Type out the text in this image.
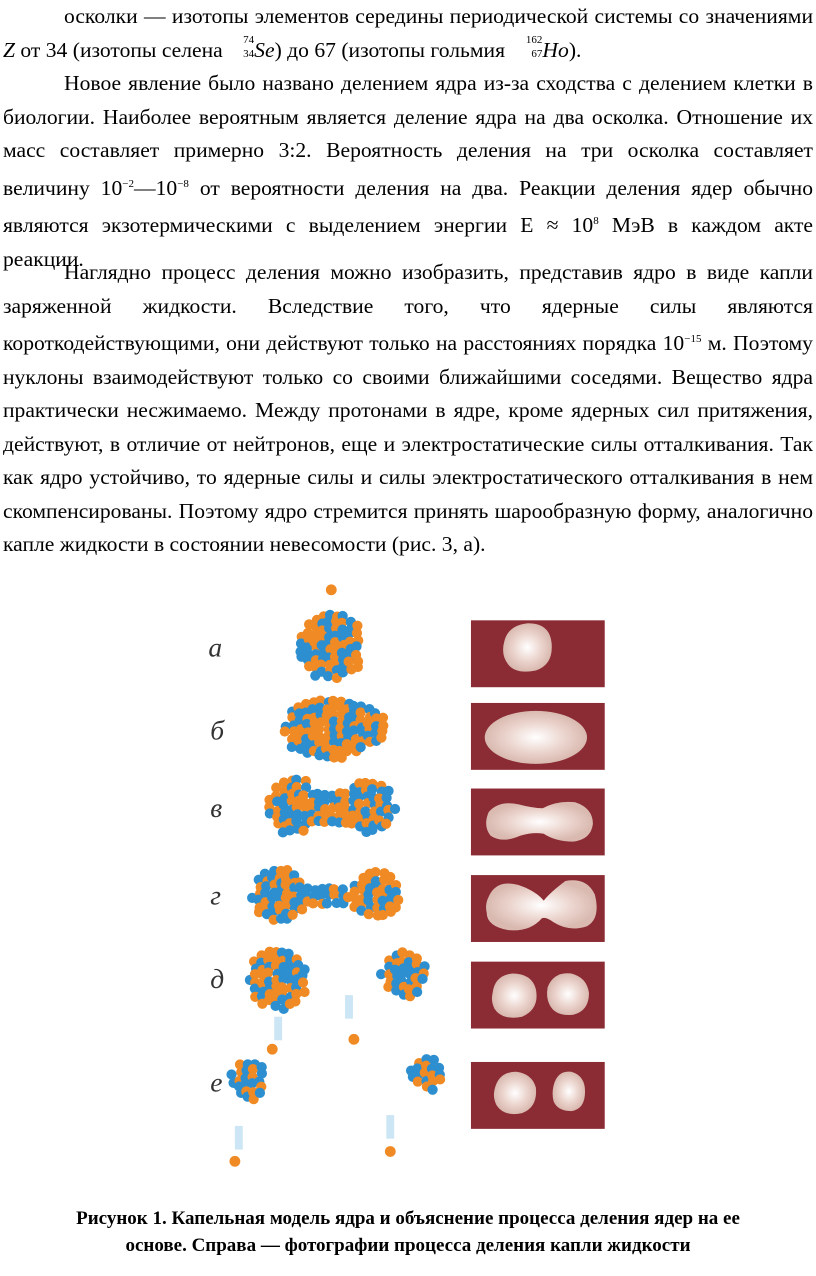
осколки — изотопы элементов середины периодической системы со значениями Z от 34 (изотопы селена 74
34 Se) до 67 (изотопы гольмия 162
67 Ho).

Новое явление было названо делением ядра из-за сходства с делением клетки в биологии. Наиболее вероятным является деление ядра на два осколка. Отношение их масс составляет примерно 3:2. Вероятность деления на три осколка составляет величину $10^{-2}—10^{-8}$ от вероятности деления на два. Реакции деления ядер обычно являются экзотермическими с выделением энергии $E \approx 10^8$ МэВ в каждом акте реакции.

Наглядно процесс деления можно изобразить, представив ядро в виде капли заряженной жидкости. Вследствие того, что ядерные силы являются короткодействующими, они действуют только на расстояниях порядка $10^{-15}$ м. Поэтому нуклоны взаимодействуют только со своими ближайшими соседями. Вещество ядра практически несжимаемо. Между протонами в ядре, кроме ядерных сил притяжения, действуют, в отличие от нейтронов, еще и электростатические силы отталкивания. Так как ядро устойчиво, то ядерные силы и силы электростатического отталкивания в нем скомпенсированы. Поэтому ядро стремится принять шарообразную форму, аналогично капле жидкости в состоянии невесомости (рис. 3, а).

а
б
в
г
д
е
Рисунок 1. Капельная модель ядра и объяснение процесса деления ядер на ее
основе. Справа — фотографии процесса деления капли жидкости
